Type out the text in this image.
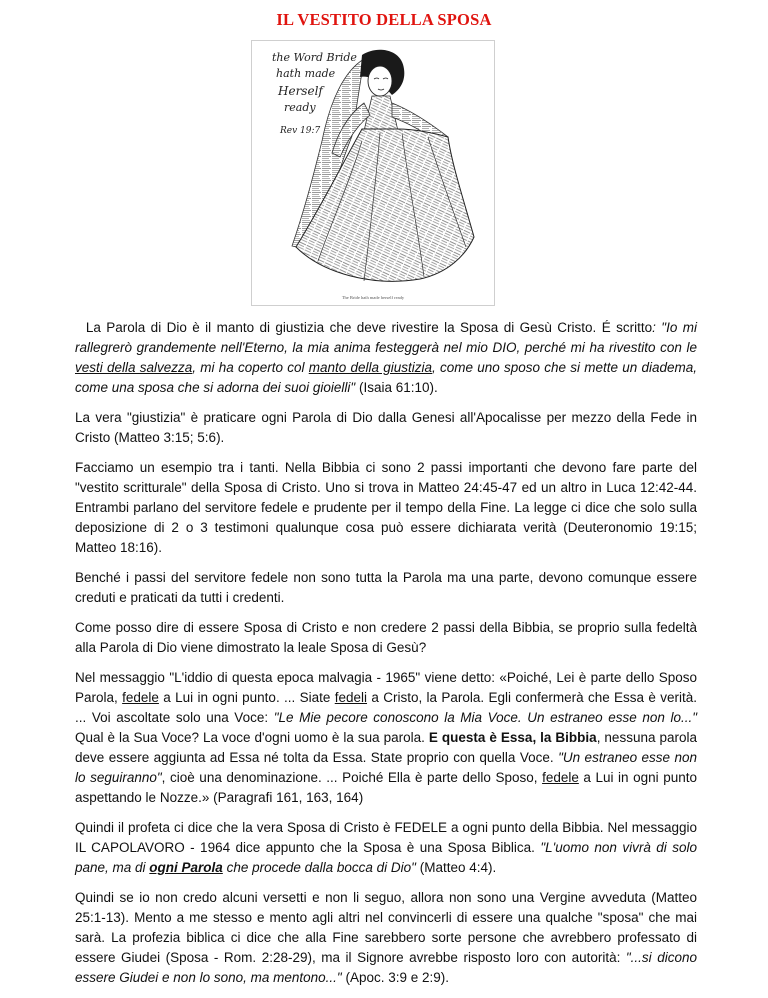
IL VESTITO DELLA SPOSA
the Word Bride
hath made
Herself
ready
Rev 19:7
The Bride hath made herself ready

La Parola di Dio è il manto di giustizia che deve rivestire la Sposa di Gesù Cristo. É scritto: "Io mi rallegrerò grandemente nell'Eterno, la mia anima festeggerà nel mio DIO, perché mi ha rivestito con le vesti della salvezza, mi ha coperto col manto della giustizia, come uno sposo che si mette un diadema, come una sposa che si adorna dei suoi gioielli" (Isaia 61:10).

La vera "giustizia" è praticare ogni Parola di Dio dalla Genesi all'Apocalisse per mezzo della Fede in Cristo (Matteo 3:15; 5:6).

Facciamo un esempio tra i tanti. Nella Bibbia ci sono 2 passi importanti che devono fare parte del "vestito scritturale" della Sposa di Cristo. Uno si trova in Matteo 24:45-47 ed un altro in Luca 12:42-44. Entrambi parlano del servitore fedele e prudente per il tempo della Fine. La legge ci dice che solo sulla deposizione di 2 o 3 testimoni qualunque cosa può essere dichiarata verità (Deuteronomio 19:15; Matteo 18:16).

Benché i passi del servitore fedele non sono tutta la Parola ma una parte, devono comunque essere creduti e praticati da tutti i credenti.

Come posso dire di essere Sposa di Cristo e non credere 2 passi della Bibbia, se proprio sulla fedeltà alla Parola di Dio viene dimostrato la leale Sposa di Gesù?

Nel messaggio "L'iddio di questa epoca malvagia - 1965" viene detto: «Poiché, Lei è parte dello Sposo Parola, fedele a Lui in ogni punto. ... Siate fedeli a Cristo, la Parola. Egli confermerà che Essa è verità. ... Voi ascoltate solo una Voce: "Le Mie pecore conoscono la Mia Voce. Un estraneo esse non lo..." Qual è la Sua Voce? La voce d'ogni uomo è la sua parola. E questa è Essa, la Bibbia, nessuna parola deve essere aggiunta ad Essa né tolta da Essa. State proprio con quella Voce. "Un estraneo esse non lo seguiranno", cioè una denominazione. ... Poiché Ella è parte dello Sposo, fedele a Lui in ogni punto aspettando le Nozze.» (Paragrafi 161, 163, 164)

Quindi il profeta ci dice che la vera Sposa di Cristo è FEDELE a ogni punto della Bibbia. Nel messaggio IL CAPOLAVORO - 1964 dice appunto che la Sposa è una Sposa Biblica. "L'uomo non vivrà di solo pane, ma di ogni Parola che procede dalla bocca di Dio" (Matteo 4:4).

Quindi se io non credo alcuni versetti e non li seguo, allora non sono una Vergine avveduta (Matteo 25:1-13). Mento a me stesso e mento agli altri nel convincerli di essere una qualche "sposa" che mai sarà. La profezia biblica ci dice che alla Fine sarebbero sorte persone che avrebbero professato di essere Giudei (Sposa - Rom. 2:28-29), ma il Signore avrebbe risposto loro con autorità: "...si dicono essere Giudei e non lo sono, ma mentono..." (Apoc. 3:9 e 2:9).
